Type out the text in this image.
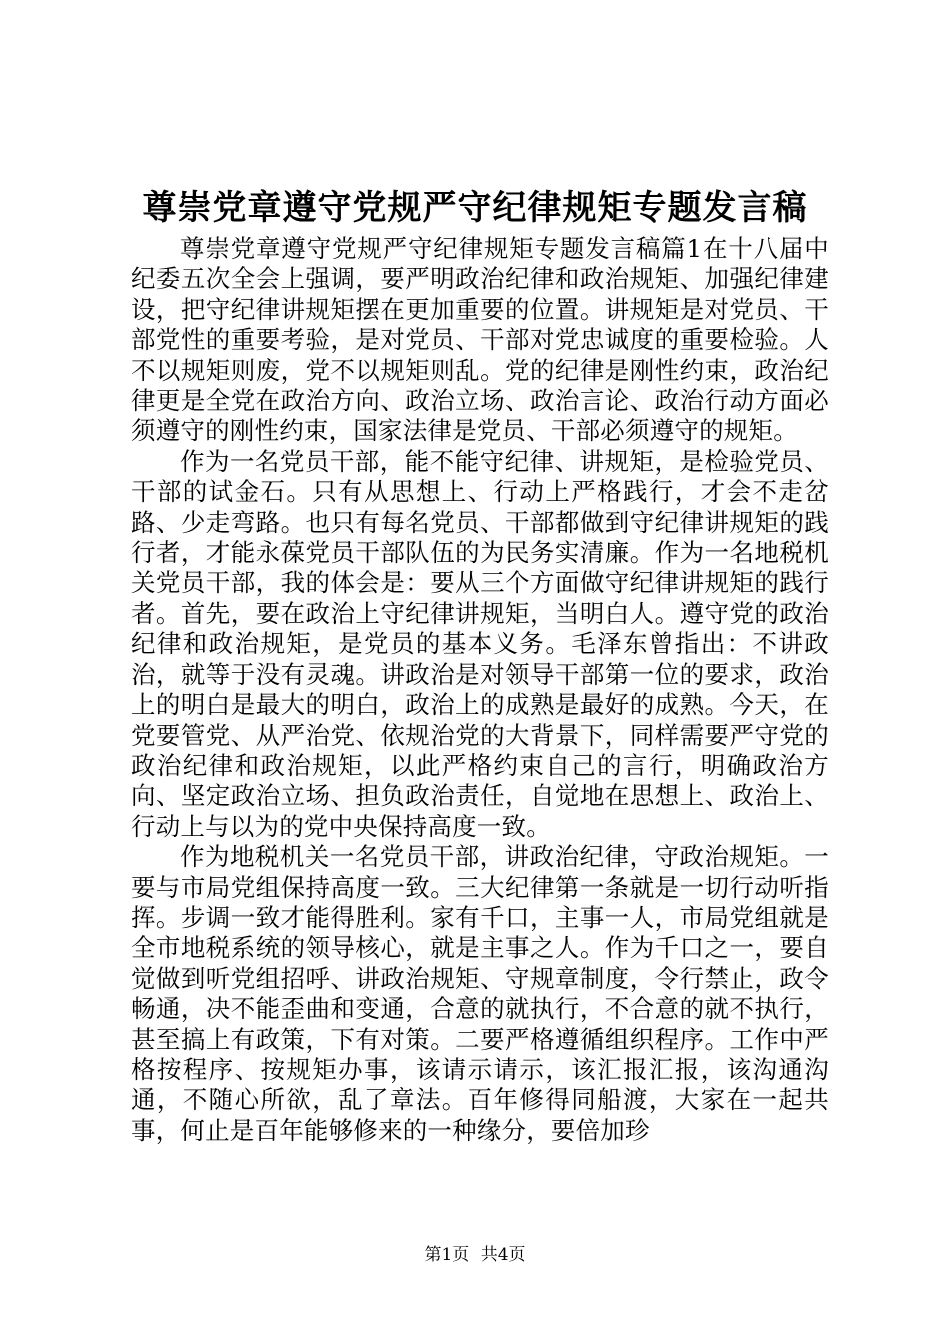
尊崇党章遵守党规严守纪律规矩专题发言稿

尊崇党章遵守党规严守纪律规矩专题发言稿篇1在十八届中纪委五次全会上强调，要严明政治纪律和政治规矩、加强纪律建设，把守纪律讲规矩摆在更加重要的位置。讲规矩是对党员、干部党性的重要考验，是对党员、干部对党忠诚度的重要检验。人不以规矩则废，党不以规矩则乱。党的纪律是刚性约束，政治纪律更是全党在政治方向、政治立场、政治言论、政治行动方面必须遵守的刚性约束，国家法律是党员、干部必须遵守的规矩。

作为一名党员干部，能不能守纪律、讲规矩，是检验党员、干部的试金石。只有从思想上、行动上严格践行，才会不走岔路、少走弯路。也只有每名党员、干部都做到守纪律讲规矩的践行者，才能永葆党员干部队伍的为民务实清廉。作为一名地税机关党员干部，我的体会是：要从三个方面做守纪律讲规矩的践行者。首先，要在政治上守纪律讲规矩，当明白人。遵守党的政治纪律和政治规矩，是党员的基本义务。毛泽东曾指出：不讲政治，就等于没有灵魂。讲政治是对领导干部第一位的要求，政治上的明白是最大的明白，政治上的成熟是最好的成熟。今天，在党要管党、从严治党、依规治党的大背景下，同样需要严守党的政治纪律和政治规矩，以此严格约束自己的言行，明确政治方向、坚定政治立场、担负政治责任，自觉地在思想上、政治上、行动上与以为的党中央保持高度一致。

作为地税机关一名党员干部，讲政治纪律，守政治规矩。一要与市局党组保持高度一致。三大纪律第一条就是一切行动听指挥。步调一致才能得胜利。家有千口，主事一人，市局党组就是全市地税系统的领导核心，就是主事之人。作为千口之一，要自觉做到听党组招呼、讲政治规矩、守规章制度，令行禁止，政令畅通，决不能歪曲和变通，合意的就执行，不合意的就不执行，甚至搞上有政策，下有对策。二要严格遵循组织程序。工作中严格按程序、按规矩办事，该请示请示，该汇报汇报，该沟通沟通，不随心所欲，乱了章法。百年修得同船渡，大家在一起共事，何止是百年能够修来的一种缘分，要倍加珍

第1页 共4页
